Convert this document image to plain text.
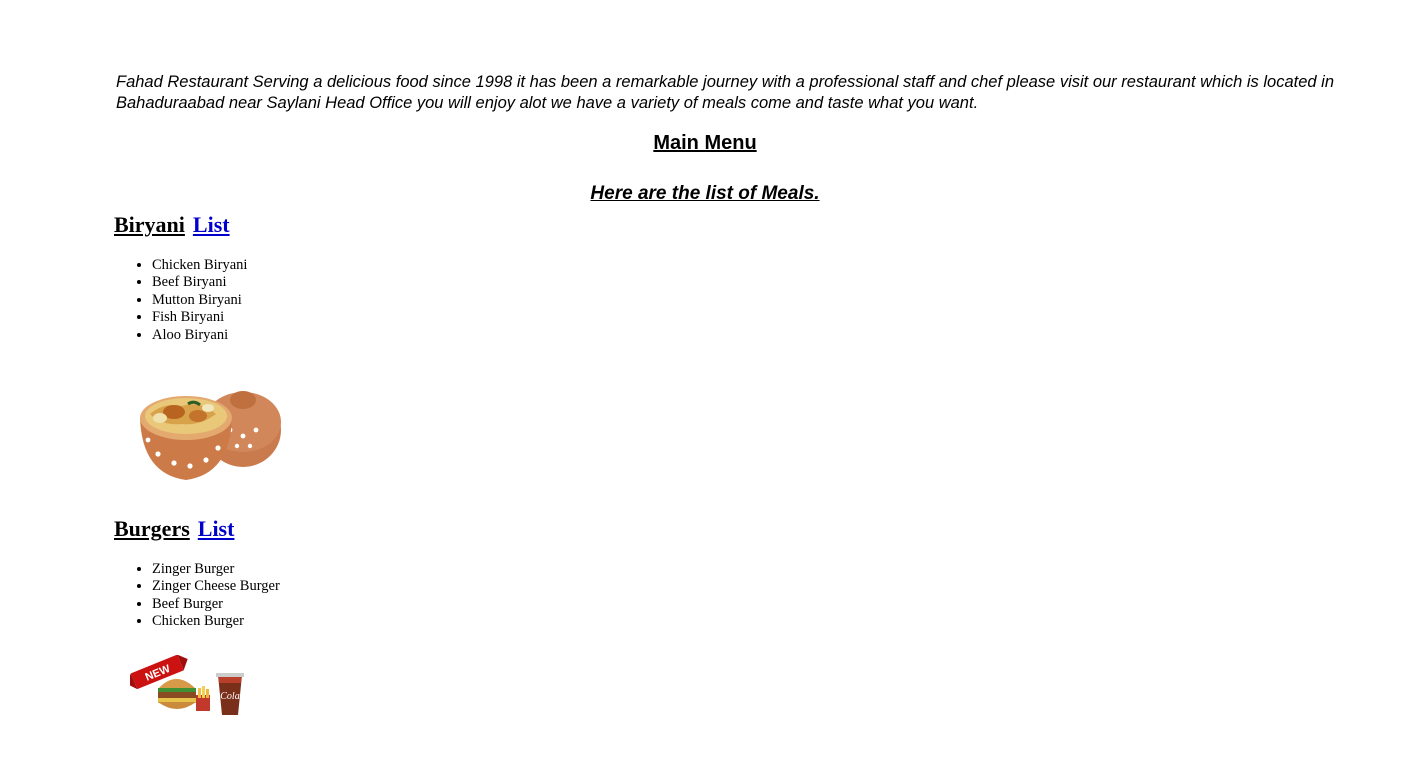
Fahad Restaurant Serving a delicious food since 1998 it has been a remarkable journey with a professional staff and chef please visit our restaurant which is located in Bahaduraabad near Saylani Head Office you will enjoy alot we have a variety of meals come and taste what you want.

Main Menu
Here are the list of Meals.
Biryani List
• Chicken Biryani
• Beef Biryani
• Mutton Biryani
• Fish Biryani
• Aloo Biryani
Burgers List
• Zinger Burger
• Zinger Cheese Burger
• Beef Burger
• Chicken Burger
NEW
Cola
